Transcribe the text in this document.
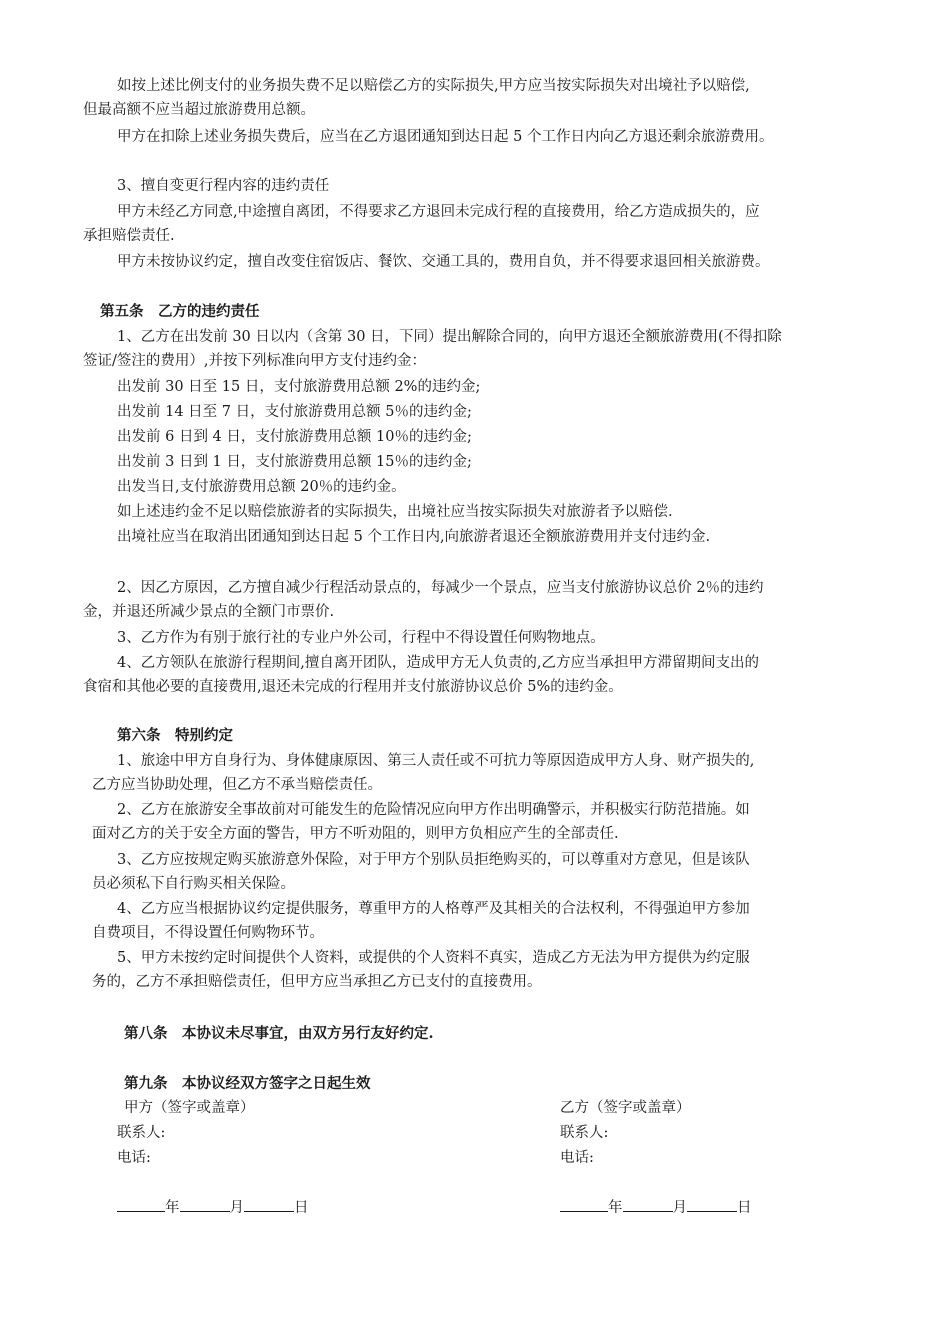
如按上述比例支付的业务损失费不足以赔偿乙方的实际损失,甲方应当按实际损失对出境社予以赔偿,
但最高额不应当超过旅游费用总额。
甲方在扣除上述业务损失费后，应当在乙方退团通知到达日起 5 个工作日内向乙方退还剩余旅游费用。
3、擅自变更行程内容的违约责任
甲方未经乙方同意,中途擅自离团，不得要求乙方退回未完成行程的直接费用，给乙方造成损失的，应
承担赔偿责任.
甲方未按协议约定，擅自改变住宿饭店、餐饮、交通工具的，费用自负，并不得要求退回相关旅游费。
第五条　乙方的违约责任
1、乙方在出发前 30 日以内（含第 30 日，下同）提出解除合同的，向甲方退还全额旅游费用(不得扣除
签证/签注的费用）,并按下列标准向甲方支付违约金：
出发前 30 日至 15 日，支付旅游费用总额 2%的违约金;
出发前 14 日至 7 日，支付旅游费用总额 5％的违约金;
出发前 6 日到 4 日，支付旅游费用总额 10％的违约金;
出发前 3 日到 1 日，支付旅游费用总额 15％的违约金;
出发当日,支付旅游费用总额 20％的违约金。
如上述违约金不足以赔偿旅游者的实际损失，出境社应当按实际损失对旅游者予以赔偿.
出境社应当在取消出团通知到达日起 5 个工作日内,向旅游者退还全额旅游费用并支付违约金.
2、因乙方原因，乙方擅自减少行程活动景点的，每减少一个景点，应当支付旅游协议总价 2％的违约
金，并退还所减少景点的全额门市票价.
3、乙方作为有别于旅行社的专业户外公司，行程中不得设置任何购物地点。
4、乙方领队在旅游行程期间,擅自离开团队，造成甲方无人负责的,乙方应当承担甲方滞留期间支出的
食宿和其他必要的直接费用,退还未完成的行程用并支付旅游协议总价 5%的违约金。
第六条　特别约定
1、旅途中甲方自身行为、身体健康原因、第三人责任或不可抗力等原因造成甲方人身、财产损失的,
乙方应当协助处理，但乙方不承当赔偿责任。
2、乙方在旅游安全事故前对可能发生的危险情况应向甲方作出明确警示，并积极实行防范措施。如
面对乙方的关于安全方面的警告，甲方不听劝阻的，则甲方负相应产生的全部责任.
3、乙方应按规定购买旅游意外保险，对于甲方个别队员拒绝购买的，可以尊重对方意见，但是该队
员必须私下自行购买相关保险。
4、乙方应当根据协议约定提供服务，尊重甲方的人格尊严及其相关的合法权利，不得强迫甲方参加
自费项目，不得设置任何购物环节。
5、甲方未按约定时间提供个人资料，或提供的个人资料不真实，造成乙方无法为甲方提供为约定服
务的，乙方不承担赔偿责任，但甲方应当承担乙方已支付的直接费用。
第八条　本协议未尽事宜，由双方另行友好约定.
第九条　本协议经双方签字之日起生效
甲方（签字或盖章）
联系人:
电话:
年	月	日
乙方（签字或盖章）
联系人:
电话:
年	月	日
